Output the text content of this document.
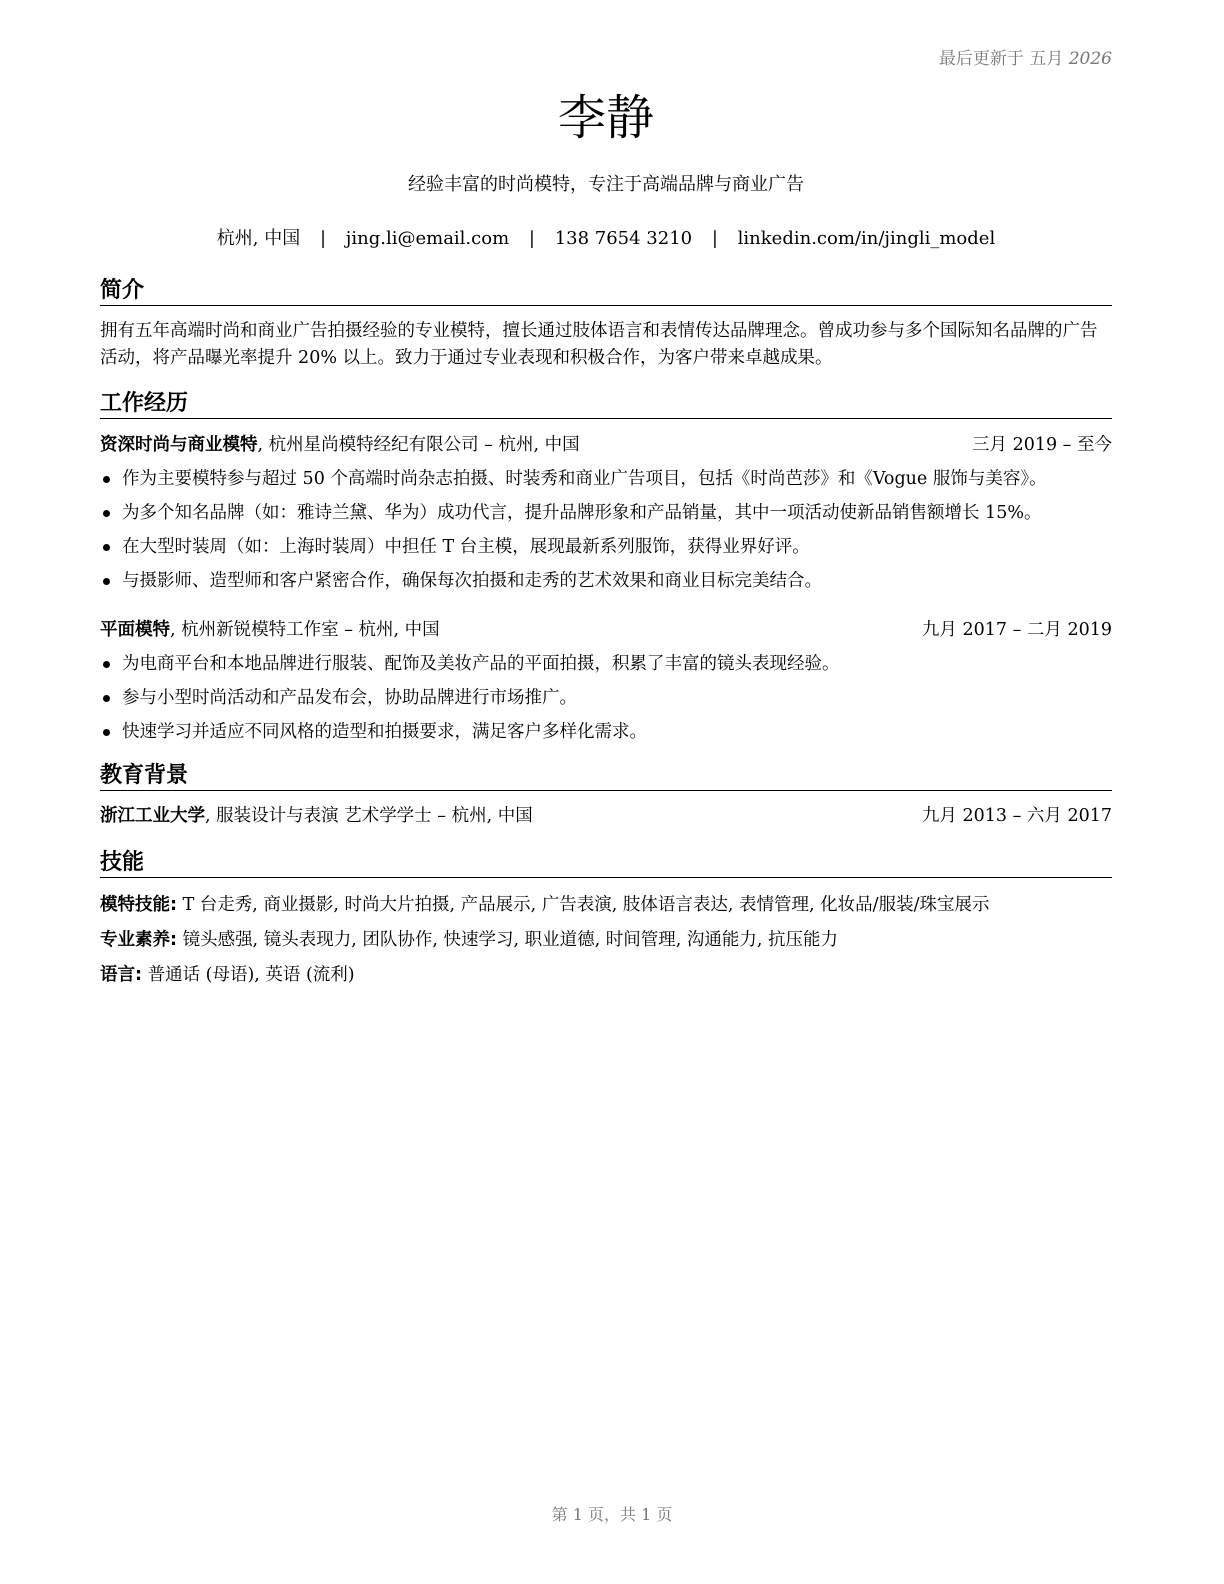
最后更新于 五月 2026
李静
经验丰富的时尚模特，专注于高端品牌与商业广告
杭州, 中国 | jing.li@email.com | 138 7654 3210 | linkedin.com/in/jingli_model
简介
拥有五年高端时尚和商业广告拍摄经验的专业模特，擅长通过肢体语言和表情传达品牌理念。曾成功参与多个国际知名品牌的广告活动，将产品曝光率提升 20% 以上。致力于通过专业表现和积极合作，为客户带来卓越成果。
工作经历
资深时尚与商业模特, 杭州星尚模特经纪有限公司 – 杭州, 中国	三月 2019 – 至今
作为主要模特参与超过 50 个高端时尚杂志拍摄、时装秀和商业广告项目，包括《时尚芭莎》和《Vogue 服饰与美容》。
为多个知名品牌（如：雅诗兰黛、华为）成功代言，提升品牌形象和产品销量，其中一项活动使新品销售额增长 15%。
在大型时装周（如：上海时装周）中担任 T 台主模，展现最新系列服饰，获得业界好评。
与摄影师、造型师和客户紧密合作，确保每次拍摄和走秀的艺术效果和商业目标完美结合。
平面模特, 杭州新锐模特工作室 – 杭州, 中国	九月 2017 – 二月 2019
为电商平台和本地品牌进行服装、配饰及美妆产品的平面拍摄，积累了丰富的镜头表现经验。
参与小型时尚活动和产品发布会，协助品牌进行市场推广。
快速学习并适应不同风格的造型和拍摄要求，满足客户多样化需求。
教育背景
浙江工业大学, 服装设计与表演 艺术学学士 – 杭州, 中国	九月 2013 – 六月 2017
技能
模特技能: T 台走秀, 商业摄影, 时尚大片拍摄, 产品展示, 广告表演, 肢体语言表达, 表情管理, 化妆品/服装/珠宝展示
专业素养: 镜头感强, 镜头表现力, 团队协作, 快速学习, 职业道德, 时间管理, 沟通能力, 抗压能力
语言: 普通话 (母语), 英语 (流利)
第 1 页，共 1 页
